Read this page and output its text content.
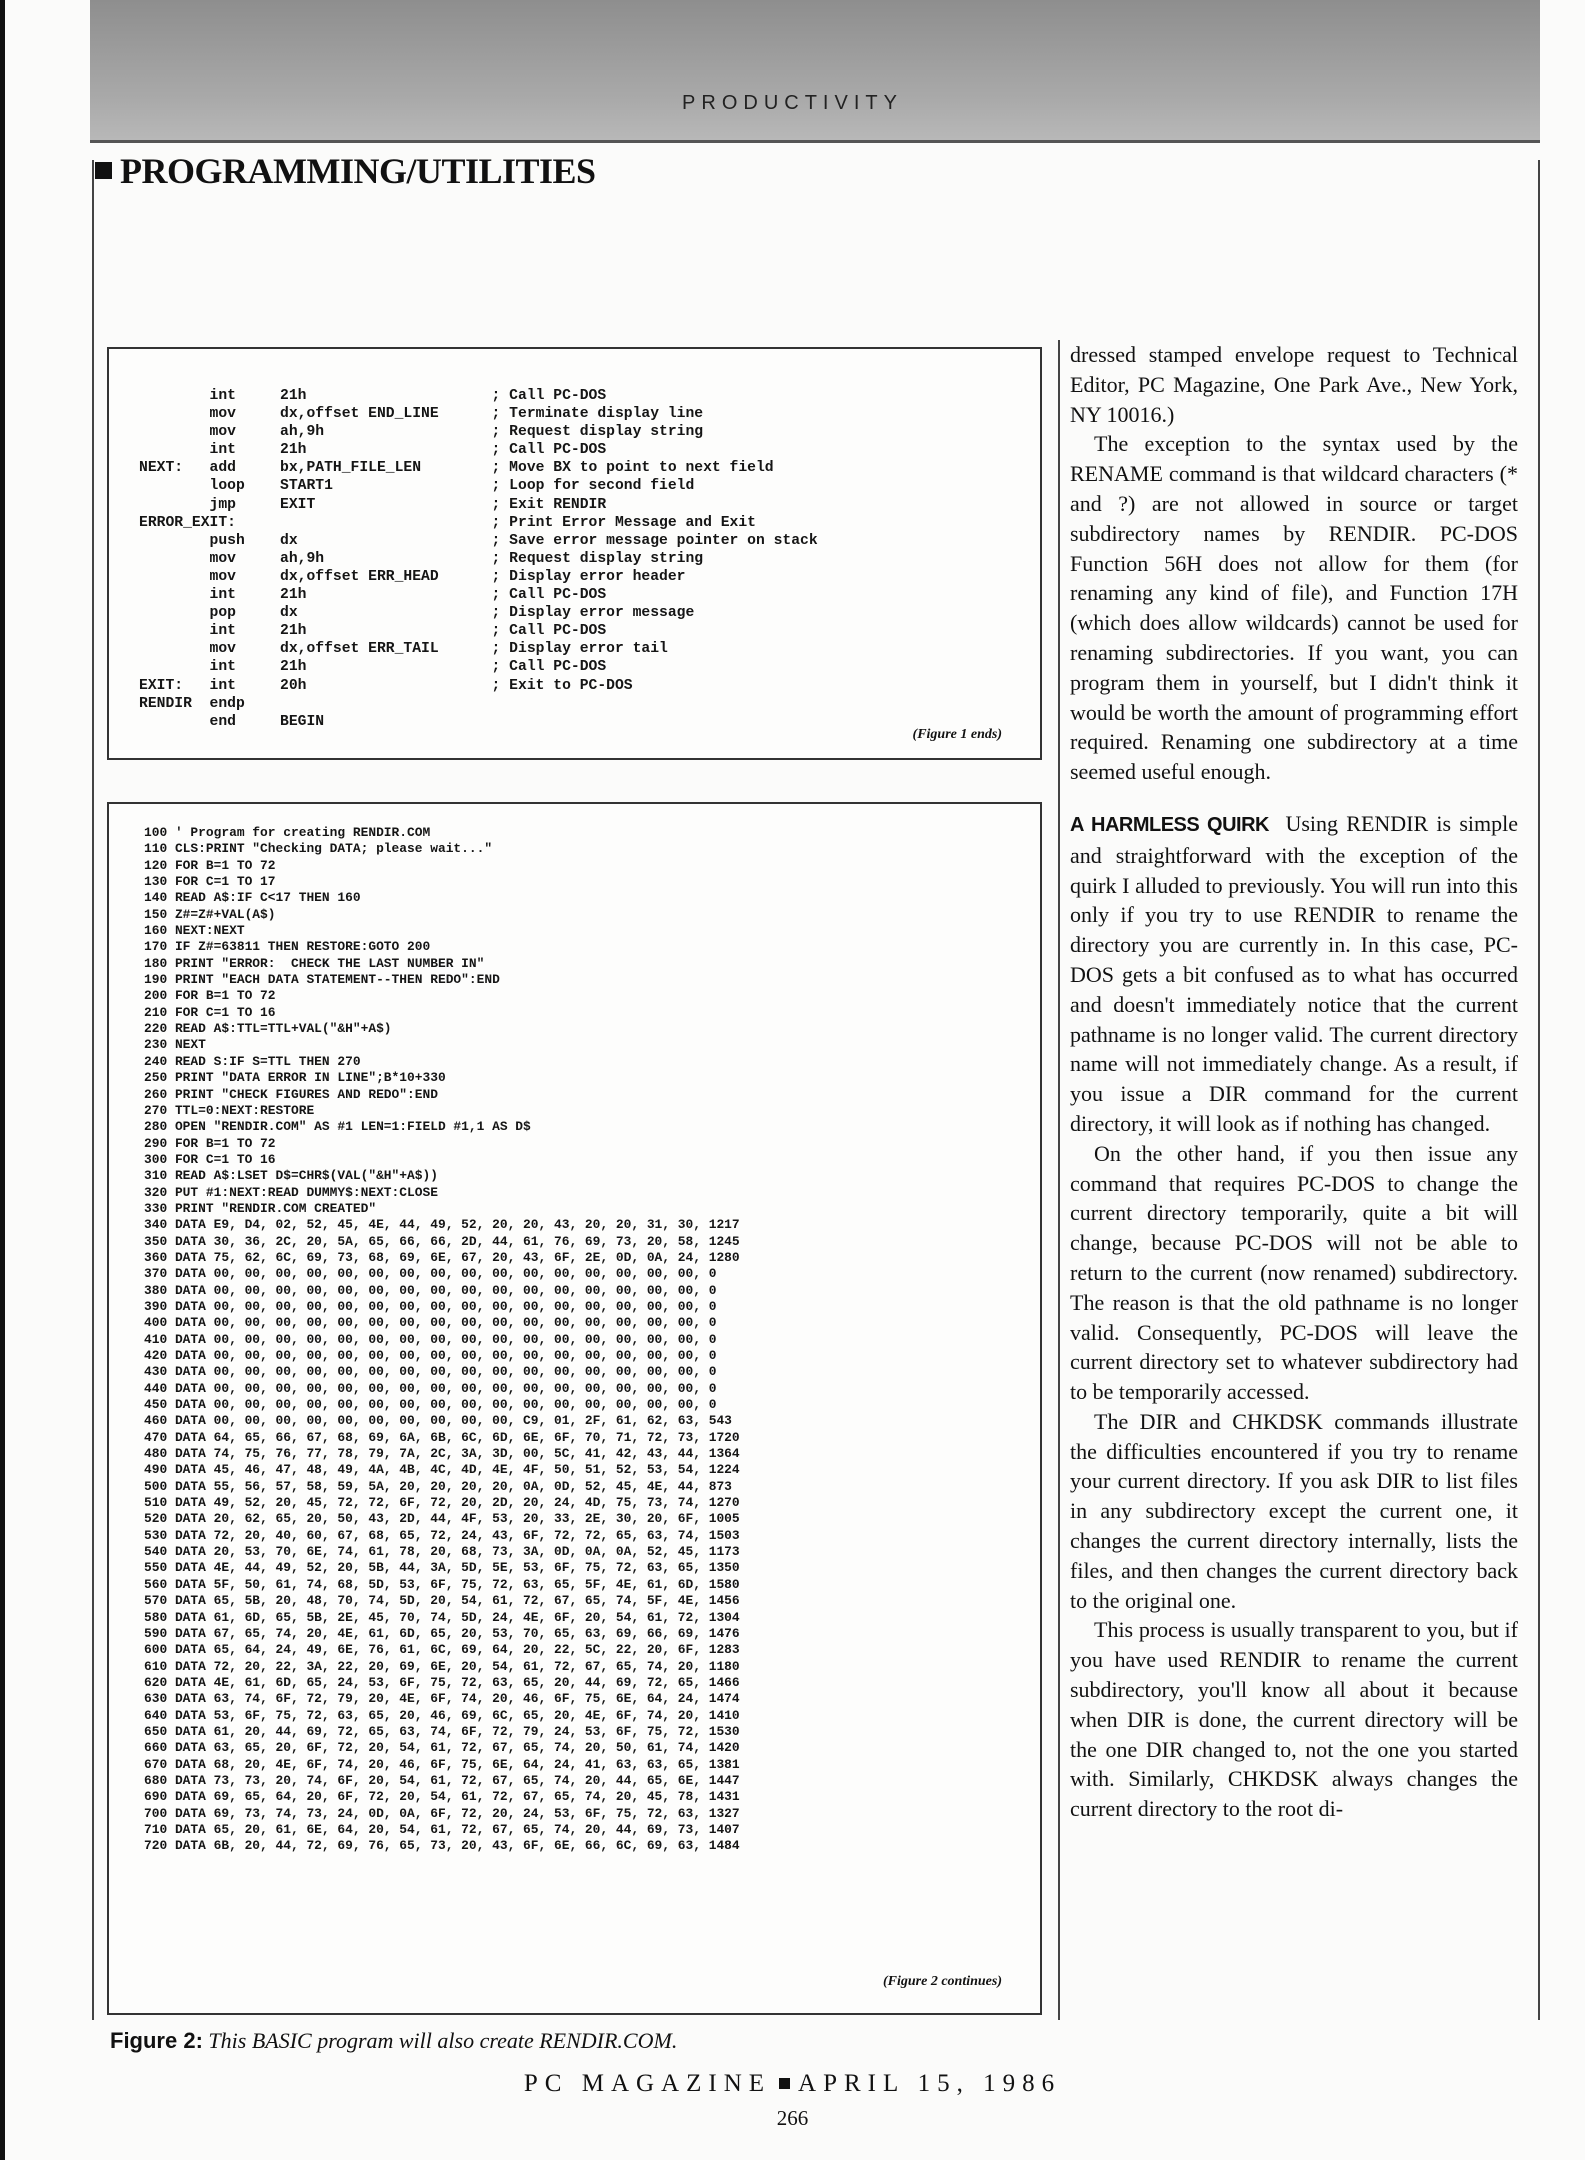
PRODUCTIVITY
PROGRAMMING/UTILITIES
int     21h                     ; Call PC-DOS
mov     dx,offset END_LINE      ; Terminate display line
mov     ah,9h                   ; Request display string
int     21h                     ; Call PC-DOS
NEXT:   add     bx,PATH_FILE_LEN        ; Move BX to point to next field
loop    START1                  ; Loop for second field
jmp     EXIT                    ; Exit RENDIR
ERROR_EXIT:                             ; Print Error Message and Exit
push    dx                      ; Save error message pointer on stack
mov     ah,9h                   ; Request display string
mov     dx,offset ERR_HEAD      ; Display error header
int     21h                     ; Call PC-DOS
pop     dx                      ; Display error message
int     21h                     ; Call PC-DOS
mov     dx,offset ERR_TAIL      ; Display error tail
int     21h                     ; Call PC-DOS
EXIT:   int     20h                     ; Exit to PC-DOS
RENDIR  endp
end     BEGIN
(Figure 1 ends)
100 ' Program for creating RENDIR.COM
110 CLS:PRINT "Checking DATA; please wait..."
120 FOR B=1 TO 72
130 FOR C=1 TO 17
140 READ A$:IF C<17 THEN 160
150 Z#=Z#+VAL(A$)
160 NEXT:NEXT
170 IF Z#=63811 THEN RESTORE:GOTO 200
180 PRINT "ERROR:  CHECK THE LAST NUMBER IN"
190 PRINT "EACH DATA STATEMENT--THEN REDO":END
200 FOR B=1 TO 72
210 FOR C=1 TO 16
220 READ A$:TTL=TTL+VAL("&H"+A$)
230 NEXT
240 READ S:IF S=TTL THEN 270
250 PRINT "DATA ERROR IN LINE";B*10+330
260 PRINT "CHECK FIGURES AND REDO":END
270 TTL=0:NEXT:RESTORE
280 OPEN "RENDIR.COM" AS #1 LEN=1:FIELD #1,1 AS D$
290 FOR B=1 TO 72
300 FOR C=1 TO 16
310 READ A$:LSET D$=CHR$(VAL("&H"+A$))
320 PUT #1:NEXT:READ DUMMY$:NEXT:CLOSE
330 PRINT "RENDIR.COM CREATED"
340 DATA E9, D4, 02, 52, 45, 4E, 44, 49, 52, 20, 20, 43, 20, 20, 31, 30, 1217
350 DATA 30, 36, 2C, 20, 5A, 65, 66, 66, 2D, 44, 61, 76, 69, 73, 20, 58, 1245
360 DATA 75, 62, 6C, 69, 73, 68, 69, 6E, 67, 20, 43, 6F, 2E, 0D, 0A, 24, 1280
370 DATA 00, 00, 00, 00, 00, 00, 00, 00, 00, 00, 00, 00, 00, 00, 00, 00, 0
380 DATA 00, 00, 00, 00, 00, 00, 00, 00, 00, 00, 00, 00, 00, 00, 00, 00, 0
390 DATA 00, 00, 00, 00, 00, 00, 00, 00, 00, 00, 00, 00, 00, 00, 00, 00, 0
400 DATA 00, 00, 00, 00, 00, 00, 00, 00, 00, 00, 00, 00, 00, 00, 00, 00, 0
410 DATA 00, 00, 00, 00, 00, 00, 00, 00, 00, 00, 00, 00, 00, 00, 00, 00, 0
420 DATA 00, 00, 00, 00, 00, 00, 00, 00, 00, 00, 00, 00, 00, 00, 00, 00, 0
430 DATA 00, 00, 00, 00, 00, 00, 00, 00, 00, 00, 00, 00, 00, 00, 00, 00, 0
440 DATA 00, 00, 00, 00, 00, 00, 00, 00, 00, 00, 00, 00, 00, 00, 00, 00, 0
450 DATA 00, 00, 00, 00, 00, 00, 00, 00, 00, 00, 00, 00, 00, 00, 00, 00, 0
460 DATA 00, 00, 00, 00, 00, 00, 00, 00, 00, 00, C9, 01, 2F, 61, 62, 63, 543
470 DATA 64, 65, 66, 67, 68, 69, 6A, 6B, 6C, 6D, 6E, 6F, 70, 71, 72, 73, 1720
480 DATA 74, 75, 76, 77, 78, 79, 7A, 2C, 3A, 3D, 00, 5C, 41, 42, 43, 44, 1364
490 DATA 45, 46, 47, 48, 49, 4A, 4B, 4C, 4D, 4E, 4F, 50, 51, 52, 53, 54, 1224
500 DATA 55, 56, 57, 58, 59, 5A, 20, 20, 20, 20, 0A, 0D, 52, 45, 4E, 44, 873
510 DATA 49, 52, 20, 45, 72, 72, 6F, 72, 20, 2D, 20, 24, 4D, 75, 73, 74, 1270
520 DATA 20, 62, 65, 20, 50, 43, 2D, 44, 4F, 53, 20, 33, 2E, 30, 20, 6F, 1005
530 DATA 72, 20, 40, 60, 67, 68, 65, 72, 24, 43, 6F, 72, 72, 65, 63, 74, 1503
540 DATA 20, 53, 70, 6E, 74, 61, 78, 20, 68, 73, 3A, 0D, 0A, 0A, 52, 45, 1173
550 DATA 4E, 44, 49, 52, 20, 5B, 44, 3A, 5D, 5E, 53, 6F, 75, 72, 63, 65, 1350
560 DATA 5F, 50, 61, 74, 68, 5D, 53, 6F, 75, 72, 63, 65, 5F, 4E, 61, 6D, 1580
570 DATA 65, 5B, 20, 48, 70, 74, 5D, 20, 54, 61, 72, 67, 65, 74, 5F, 4E, 1456
580 DATA 61, 6D, 65, 5B, 2E, 45, 70, 74, 5D, 24, 4E, 6F, 20, 54, 61, 72, 1304
590 DATA 67, 65, 74, 20, 4E, 61, 6D, 65, 20, 53, 70, 65, 63, 69, 66, 69, 1476
600 DATA 65, 64, 24, 49, 6E, 76, 61, 6C, 69, 64, 20, 22, 5C, 22, 20, 6F, 1283
610 DATA 72, 20, 22, 3A, 22, 20, 69, 6E, 20, 54, 61, 72, 67, 65, 74, 20, 1180
620 DATA 4E, 61, 6D, 65, 24, 53, 6F, 75, 72, 63, 65, 20, 44, 69, 72, 65, 1466
630 DATA 63, 74, 6F, 72, 79, 20, 4E, 6F, 74, 20, 46, 6F, 75, 6E, 64, 24, 1474
640 DATA 53, 6F, 75, 72, 63, 65, 20, 46, 69, 6C, 65, 20, 4E, 6F, 74, 20, 1410
650 DATA 61, 20, 44, 69, 72, 65, 63, 74, 6F, 72, 79, 24, 53, 6F, 75, 72, 1530
660 DATA 63, 65, 20, 6F, 72, 20, 54, 61, 72, 67, 65, 74, 20, 50, 61, 74, 1420
670 DATA 68, 20, 4E, 6F, 74, 20, 46, 6F, 75, 6E, 64, 24, 41, 63, 63, 65, 1381
680 DATA 73, 73, 20, 74, 6F, 20, 54, 61, 72, 67, 65, 74, 20, 44, 65, 6E, 1447
690 DATA 69, 65, 64, 20, 6F, 72, 20, 54, 61, 72, 67, 65, 74, 20, 45, 78, 1431
700 DATA 69, 73, 74, 73, 24, 0D, 0A, 6F, 72, 20, 24, 53, 6F, 75, 72, 63, 1327
710 DATA 65, 20, 61, 6E, 64, 20, 54, 61, 72, 67, 65, 74, 20, 44, 69, 73, 1407
720 DATA 6B, 20, 44, 72, 69, 76, 65, 73, 20, 43, 6F, 6E, 66, 6C, 69, 63, 1484
(Figure 2 continues)
Figure 2: This BASIC program will also create RENDIR.COM.

dressed stamped envelope request to Technical Editor, PC Magazine, One Park Ave., New York, NY 10016.)

The exception to the syntax used by the RENAME command is that wildcard characters (* and ?) are not allowed in source or target subdirectory names by RENDIR. PC-DOS Function 56H does not allow for them (for renaming any kind of file), and Function 17H (which does allow wildcards) cannot be used for renaming subdirectories. If you want, you can program them in yourself, but I didn't think it would be worth the amount of programming effort required. Renaming one subdirectory at a time seemed useful enough.

A HARMLESS QUIRK Using RENDIR is simple and straightforward with the exception of the quirk I alluded to previously. You will run into this only if you try to use RENDIR to rename the directory you are currently in. In this case, PC-DOS gets a bit confused as to what has occurred and doesn't immediately notice that the current pathname is no longer valid. The current directory name will not immediately change. As a result, if you issue a DIR command for the current directory, it will look as if nothing has changed.

On the other hand, if you then issue any command that requires PC-DOS to change the current directory temporarily, quite a bit will change, because PC-DOS will not be able to return to the current (now renamed) subdirectory. The reason is that the old pathname is no longer valid. Consequently, PC-DOS will leave the current directory set to whatever subdirectory had to be temporarily accessed.

The DIR and CHKDSK commands illustrate the difficulties encountered if you try to rename your current directory. If you ask DIR to list files in any subdirectory except the current one, it changes the current directory internally, lists the files, and then changes the current directory back to the original one.

This process is usually transparent to you, but if you have used RENDIR to rename the current subdirectory, you'll know all about it because when DIR is done, the current directory will be the one DIR changed to, not the one you started with. Similarly, CHKDSK always changes the current directory to the root di-

PC MAGAZINE APRIL 15, 1986
266
